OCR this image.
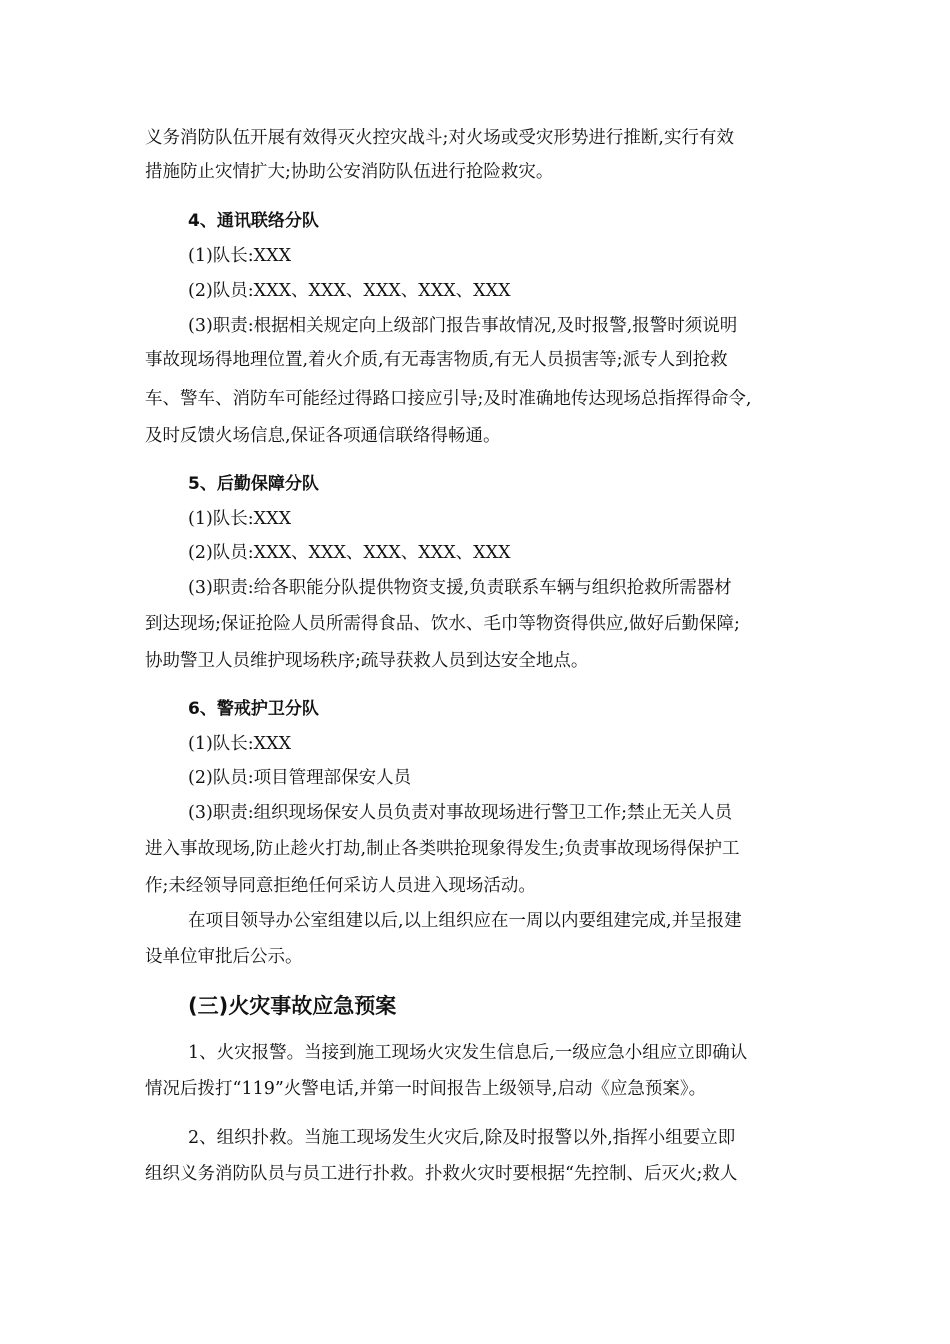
义务消防队伍开展有效得灭火控灾战斗;对火场或受灾形势进行推断,实行有效
措施防止灾情扩大;协助公安消防队伍进行抢险救灾。
4、通讯联络分队
(1)队长:XXX
(2)队员:XXX、XXX、XXX、XXX、XXX
(3)职责:根据相关规定向上级部门报告事故情况,及时报警,报警时须说明
事故现场得地理位置,着火介质,有无毒害物质,有无人员损害等;派专人到抢救
车、警车、消防车可能经过得路口接应引导;及时准确地传达现场总指挥得命令,
及时反馈火场信息,保证各项通信联络得畅通。
5、后勤保障分队
(1)队长:XXX
(2)队员:XXX、XXX、XXX、XXX、XXX
(3)职责:给各职能分队提供物资支援,负责联系车辆与组织抢救所需器材
到达现场;保证抢险人员所需得食品、饮水、毛巾等物资得供应,做好后勤保障;
协助警卫人员维护现场秩序;疏导获救人员到达安全地点。
6、警戒护卫分队
(1)队长:XXX
(2)队员:项目管理部保安人员
(3)职责:组织现场保安人员负责对事故现场进行警卫工作;禁止无关人员
进入事故现场,防止趁火打劫,制止各类哄抢现象得发生;负责事故现场得保护工
作;未经领导同意拒绝任何采访人员进入现场活动。
在项目领导办公室组建以后,以上组织应在一周以内要组建完成,并呈报建
设单位审批后公示。
(三)火灾事故应急预案
1、火灾报警。当接到施工现场火灾发生信息后,一级应急小组应立即确认
情况后拨打“119”火警电话,并第一时间报告上级领导,启动《应急预案》。
2、组织扑救。当施工现场发生火灾后,除及时报警以外,指挥小组要立即
组织义务消防队员与员工进行扑救。扑救火灾时要根据“先控制、后灭火;救人
